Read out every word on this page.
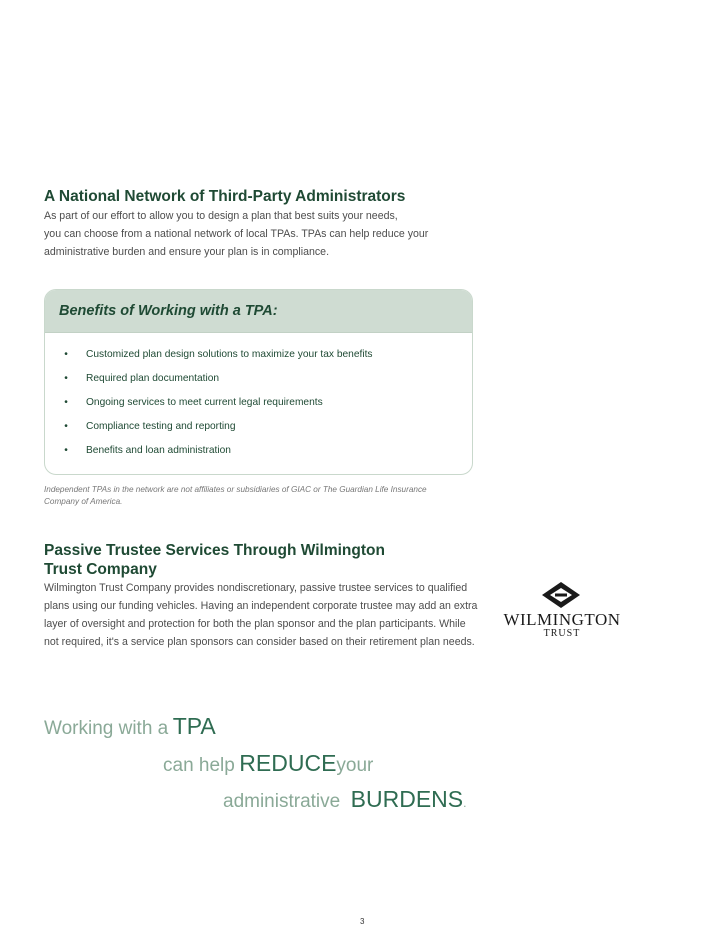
A National Network of Third-Party Administrators
As part of our effort to allow you to design a plan that best suits your needs,
you can choose from a national network of local TPAs. TPAs can help reduce your
administrative burden and ensure your plan is in compliance.
Benefits of Working with a TPA:
•	Customized plan design solutions to maximize your tax benefits
•	Required plan documentation
•	Ongoing services to meet current legal requirements
•	Compliance testing and reporting
•	Benefits and loan administration
Independent TPAs in the network are not affiliates or subsidiaries of GIAC or The Guardian Life Insurance
Company of America.
Passive Trustee Services Through Wilmington
Trust Company
Wilmington Trust Company provides nondiscretionary, passive trustee services to qualified
plans using our funding vehicles. Having an independent corporate trustee may add an extra
layer of oversight and protection for both the plan sponsor and the plan participants. While
not required, it's a service plan sponsors can consider based on their retirement plan needs.
WILMINGTON
TRUST
Working with a TPA
can help REDUCEyour
administrative BURDENS.
3
